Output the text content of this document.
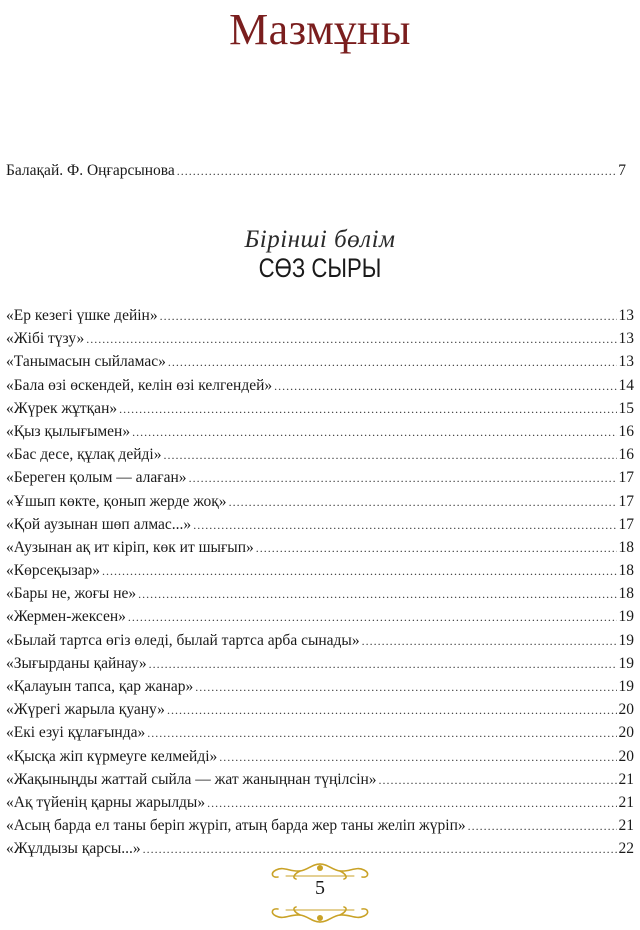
Мазмұны
Балақай. Ф. Оңғарсынова .....	7
Бірінші бөлім
СӨЗ СЫРЫ
«Ер кезегі үшке дейін» .....	13
«Жібі түзу» .....	13
«Танымасын сыйламас» .....	13
«Бала өзі өскендей, келін өзі келгендей» .....	14
«Жүрек жұтқан» .....	15
«Қыз қылығымен» .....	16
«Бас десе, құлақ дейді» .....	16
«Береген қолым — алаған» .....	17
«Ұшып көкте, қонып жерде жоқ» .....	17
«Қой аузынан шөп алмас...» .....	17
«Аузынан ақ ит кіріп, көк ит шығып» .....	18
«Көрсеқызар» .....	18
«Бары не, жоғы не» .....	18
«Жермен-жексен» .....	19
«Былай тартса өгіз өледі, былай тартса арба сынады» .....	19
«Зығырданы қайнау» .....	19
«Қалауын тапса, қар жанар» .....	19
«Жүрегі жарыла қуану» .....	20
«Екі езуі құлағында» .....	20
«Қысқа жіп күрмеуге келмейді» .....	20
«Жақыныңды жаттай сыйла — жат жаныңнан түңілсін» .....	21
«Ақ түйенің қарны жарылды» .....	21
«Асың барда ел таны беріп жүріп, атың барда жер таны желіп жүріп» .....	21
«Жұлдызы қарсы...» .....	22
5
